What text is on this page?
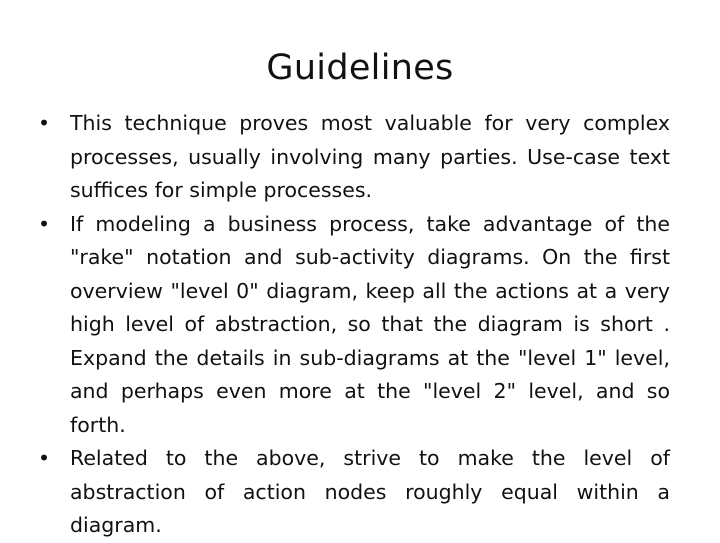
Guidelines
• This technique proves most valuable for very complex processes, usually involving many parties. Use-case text suffices for simple processes.
• If modeling a business process, take advantage of the "rake" notation and sub-activity diagrams. On the first overview "level 0" diagram, keep all the actions at a very high level of abstraction, so that the diagram is short . Expand the details in sub-diagrams at the "level 1" level, and perhaps even more at the "level 2" level, and so forth.
• Related to the above, strive to make the level of abstraction of action nodes roughly equal within a diagram.
